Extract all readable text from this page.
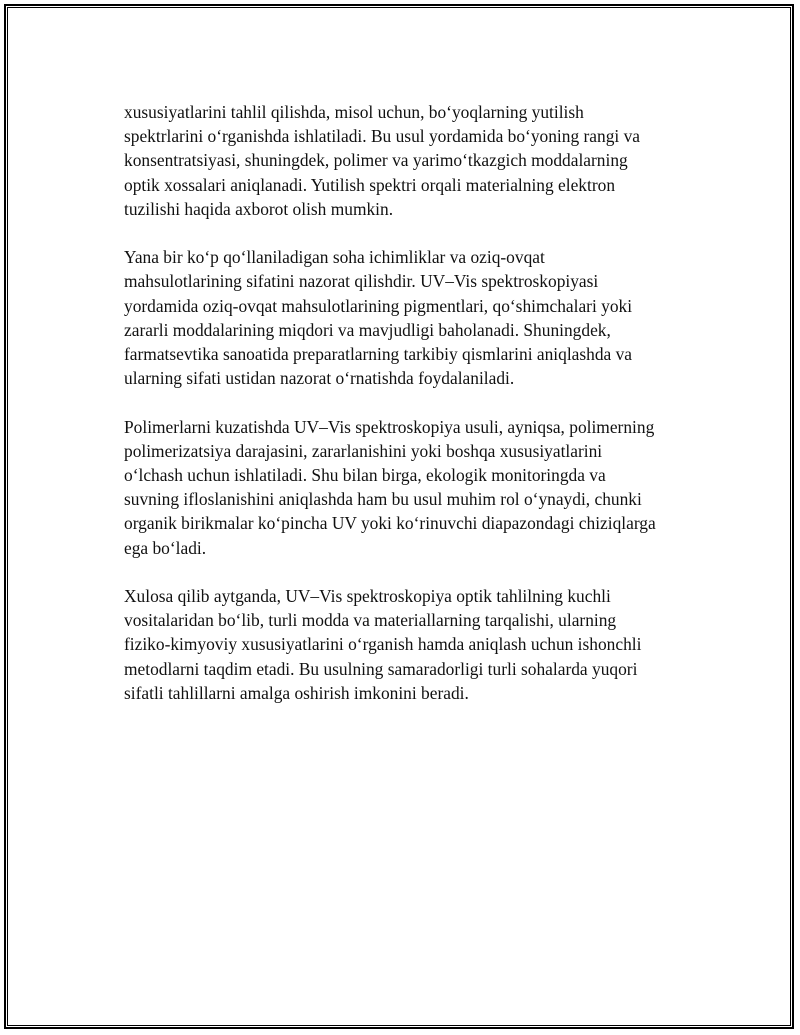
xususiyatlarini tahlil qilishda, misol uchun, bo‘yoqlarning yutilish
spektrlarini o‘rganishda ishlatiladi. Bu usul yordamida bo‘yoning rangi va
konsentratsiyasi, shuningdek, polimer va yarimo‘tkazgich moddalarning
optik xossalari aniqlanadi. Yutilish spektri orqali materialning elektron
tuzilishi haqida axborot olish mumkin.

Yana bir ko‘p qo‘llaniladigan soha ichimliklar va oziq-ovqat
mahsulotlarining sifatini nazorat qilishdir. UV–Vis spektroskopiyasi
yordamida oziq-ovqat mahsulotlarining pigmentlari, qo‘shimchalari yoki
zararli moddalarining miqdori va mavjudligi baholanadi. Shuningdek,
farmatsevtika sanoatida preparatlarning tarkibiy qismlarini aniqlashda va
ularning sifati ustidan nazorat o‘rnatishda foydalaniladi.

Polimerlarni kuzatishda UV–Vis spektroskopiya usuli, ayniqsa, polimerning
polimerizatsiya darajasini, zararlanishini yoki boshqa xususiyatlarini
o‘lchash uchun ishlatiladi. Shu bilan birga, ekologik monitoringda va
suvning ifloslanishini aniqlashda ham bu usul muhim rol o‘ynaydi, chunki
organik birikmalar ko‘pincha UV yoki ko‘rinuvchi diapazondagi chiziqlarga
ega bo‘ladi.

Xulosa qilib aytganda, UV–Vis spektroskopiya optik tahlilning kuchli
vositalaridan bo‘lib, turli modda va materiallarning tarqalishi, ularning
fiziko-kimyoviy xususiyatlarini o‘rganish hamda aniqlash uchun ishonchli
metodlarni taqdim etadi. Bu usulning samaradorligi turli sohalarda yuqori
sifatli tahlillarni amalga oshirish imkonini beradi.
